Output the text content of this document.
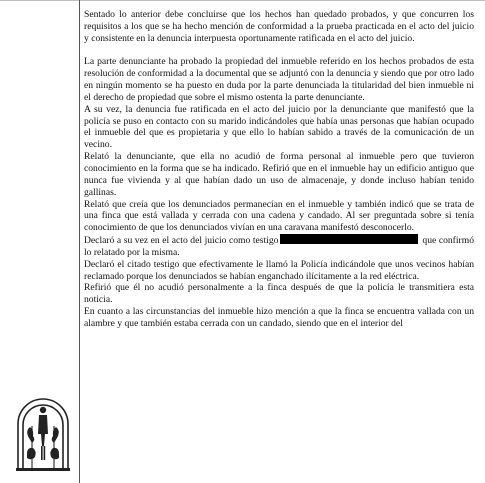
Sentado lo anterior debe concluirse que los hechos han quedado probados, y que concurren los requisitos a los que se ha hecho mención de conformidad a la prueba practicada en el acto del juicio y consistente en la denuncia interpuesta oportunamente ratificada en el acto del juicio.

La parte denunciante ha probado la propiedad del inmueble referido en los hechos probados de esta resolución de conformidad a la documental que se adjuntó con la denuncia y siendo que por otro lado en ningún momento se ha puesto en duda por la parte denunciada la titularidad del bien inmueble ni el derecho de propiedad que sobre el mismo ostenta la parte denunciante.

A su vez, la denuncia fue ratificada en el acto del juicio por la denunciante que manifestó que la policía se puso en contacto con su marido indicándoles que había unas personas que habían ocupado el inmueble del que es propietaria y que ello lo habían sabido a través de la comunicación de un vecino.

Relató la denunciante, que ella no acudió de forma personal al inmueble pero que tuvieron conocimiento en la forma que se ha indicado. Refirió que en el inmueble hay un edificio antiguo que nunca fue vivienda y al que habían dado un uso de almacenaje, y donde incluso habían tenido gallinas.

Relató que creía que los denunciados permanecían en el inmueble y también indicó que se trata de una finca que está vallada y cerrada con una cadena y candado. Al ser preguntada sobre si tenía conocimiento de que los denunciados vivían en una caravana manifestó desconocerlo.

Declaró a su vez en el acto del juicio como testigo	que confirmó lo relatado por la misma.

Declaró el citado testigo que efectivamente le llamó la Policía indicándole que unos vecinos habían reclamado porque los denunciados se habían enganchado ilícitamente a la red eléctrica.

Refirió que él no acudió personalmente a la finca después de que la policía le transmitiera esta noticia.

En cuanto a las circunstancias del inmueble hizo mención a que la finca se encuentra vallada con un alambre y que también estaba cerrada con un candado, siendo que en el interior del
